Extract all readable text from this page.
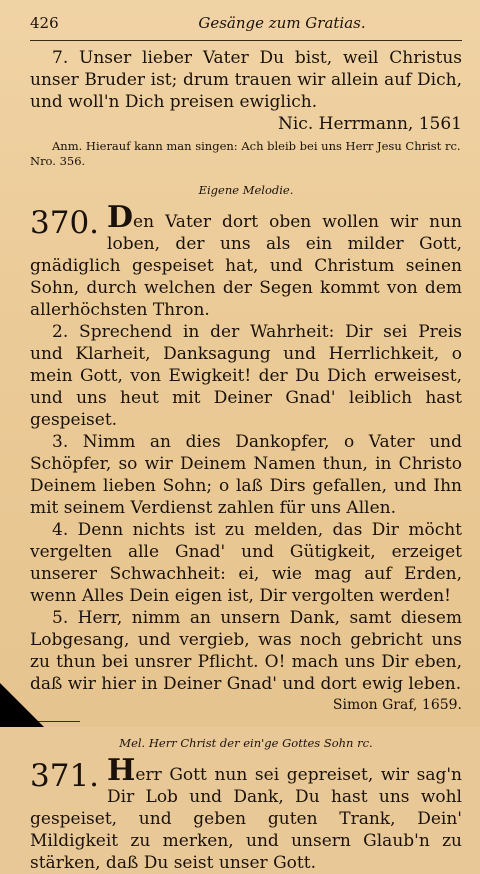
426	Gesänge zum Gratias.

7. Unser lieber Vater Du bist, weil Christus unser Bruder ist; drum trauen wir allein auf Dich, und woll'n Dich preisen ewiglich.

Nic. Herrmann, 1561

Anm. Hierauf kann man singen: Ach bleib bei uns Herr Jesu Christ rc. Nro. 356.

Eigene Melodie.
370. Den Vater dort oben wollen wir nun loben, der uns als ein milder Gott, gnädiglich gespeiset hat, und Christum seinen Sohn, durch welchen der Segen kommt von dem allerhöchsten Thron.

2. Sprechend in der Wahrheit: Dir sei Preis und Klarheit, Danksagung und Herrlichkeit, o mein Gott, von Ewigkeit! der Du Dich erweisest, und uns heut mit Deiner Gnad' leiblich hast gespeiset.

3. Nimm an dies Dankopfer, o Vater und Schöpfer, so wir Deinem Namen thun, in Christo Deinem lieben Sohn; o laß Dirs gefallen, und Ihn mit seinem Verdienst zahlen für uns Allen.

4. Denn nichts ist zu melden, das Dir möcht vergelten alle Gnad' und Gütigkeit, erzeiget unserer Schwachheit: ei, wie mag auf Erden, wenn Alles Dein eigen ist, Dir vergolten werden!

5. Herr, nimm an unsern Dank, samt diesem Lobgesang, und vergieb, was noch gebricht uns zu thun bei unsrer Pflicht. O! mach uns Dir eben, daß wir hier in Deiner Gnad' und dort ewig leben.

Simon Graf, 1659.

Mel. Herr Christ der ein'ge Gottes Sohn rc.
371. Herr Gott nun sei gepreiset, wir sag'n Dir Lob und Dank, Du hast uns wohl gespeiset, und geben guten Trank, Dein' Mildigkeit zu merken, und unsern Glaub'n zu stärken, daß Du seist unser Gott.
